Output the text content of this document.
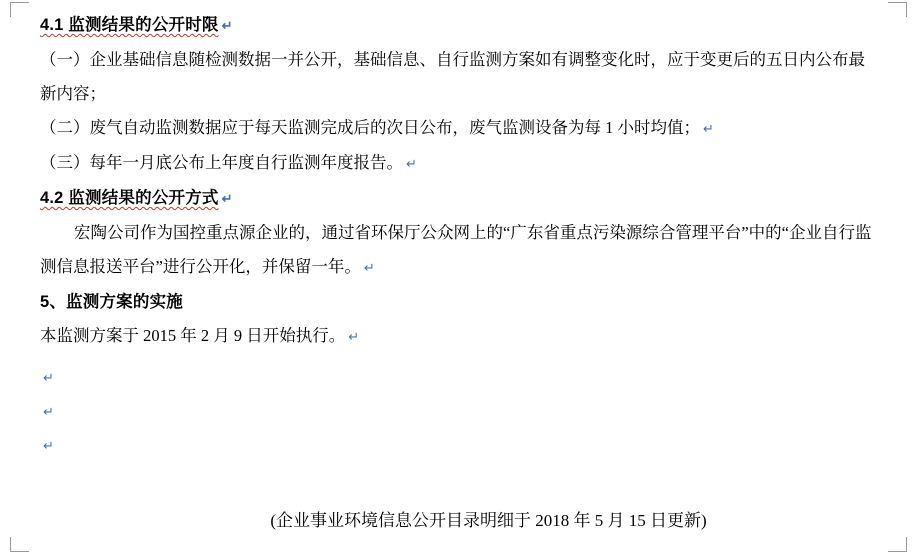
4.1 监测结果的公开时限 ↵

（一）企业基础信息随检测数据一并公开，基础信息、自行监测方案如有调整变化时，应于变更后的五日内公布最新内容；

（二）废气自动监测数据应于每天监测完成后的次日公布，废气监测设备为每 1 小时均值； ↵

（三）每年一月底公布上年度自行监测年度报告。 ↵

4.2 监测结果的公开方式 ↵

宏陶公司作为国控重点源企业的，通过省环保厅公众网上的“广东省重点污染源综合管理平台”中的“企业自行监测信息报送平台”进行公开化，并保留一年。 ↵

5、监测方案的实施

本监测方案于 2015 年 2 月 9 日开始执行。 ↵

↵
↵
↵

(企业事业环境信息公开目录明细于 2018 年 5 月 15 日更新)
